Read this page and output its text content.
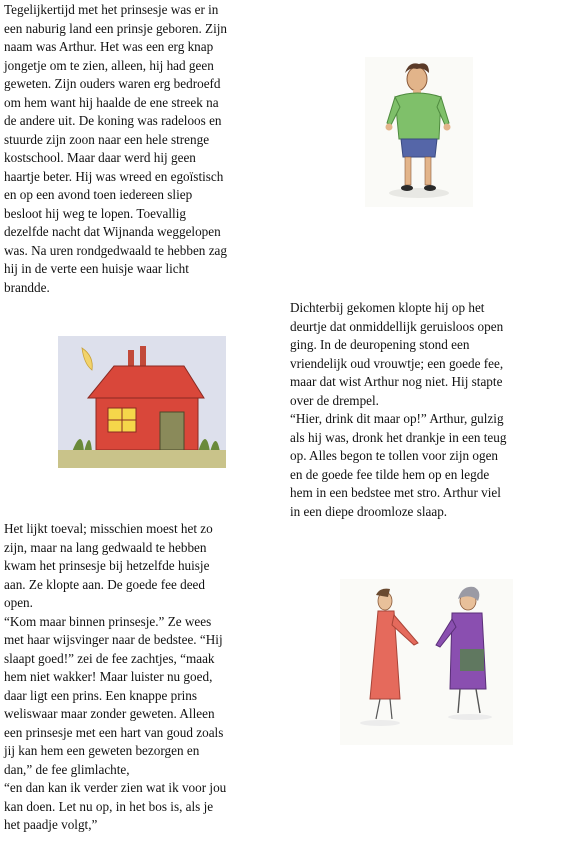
Tegelijkertijd met het prinsesje was er in
een naburig land een prinsje geboren. Zijn
naam was Arthur. Het was een erg knap
jongetje om te zien, alleen, hij had geen
geweten. Zijn ouders waren erg bedroefd
om hem want hij haalde de ene streek na
de andere uit. De koning was radeloos en
stuurde zijn zoon naar een hele strenge
kostschool. Maar daar werd hij geen
haartje beter. Hij was wreed en egoïstisch
en op een avond toen iedereen sliep
besloot hij weg te lopen. Toevallig
dezelfde nacht dat Wijnanda weggelopen
was. Na uren rondgedwaald te hebben zag
hij in de verte een huisje waar licht
brandde.

Dichterbij gekomen klopte hij op het
deurtje dat onmiddellijk geruisloos open
ging. In de deuropening stond een
vriendelijk oud vrouwtje; een goede fee,
maar dat wist Arthur nog niet. Hij stapte
over de drempel.
“Hier, drink dit maar op!” Arthur, gulzig
als hij was, dronk het drankje in een teug
op. Alles begon te tollen voor zijn ogen
en de goede fee tilde hem op en legde
hem in een bedstee met stro. Arthur viel
in een diepe droomloze slaap.

Het lijkt toeval; misschien moest het zo
zijn, maar na lang gedwaald te hebben
kwam het prinsesje bij hetzelfde huisje
aan. Ze klopte aan. De goede fee deed
open.
“Kom maar binnen prinsesje.” Ze wees
met haar wijsvinger naar de bedstee. “Hij
slaapt goed!” zei de fee zachtjes, “maak
hem niet wakker! Maar luister nu goed,
daar ligt een prins. Een knappe prins
weliswaar maar zonder geweten. Alleen
een prinsesje met een hart van goud zoals
jij kan hem een geweten bezorgen en
dan,” de fee glimlachte,
“en dan kan ik verder zien wat ik voor jou
kan doen. Let nu op, in het bos is, als je
het paadje volgt,”
